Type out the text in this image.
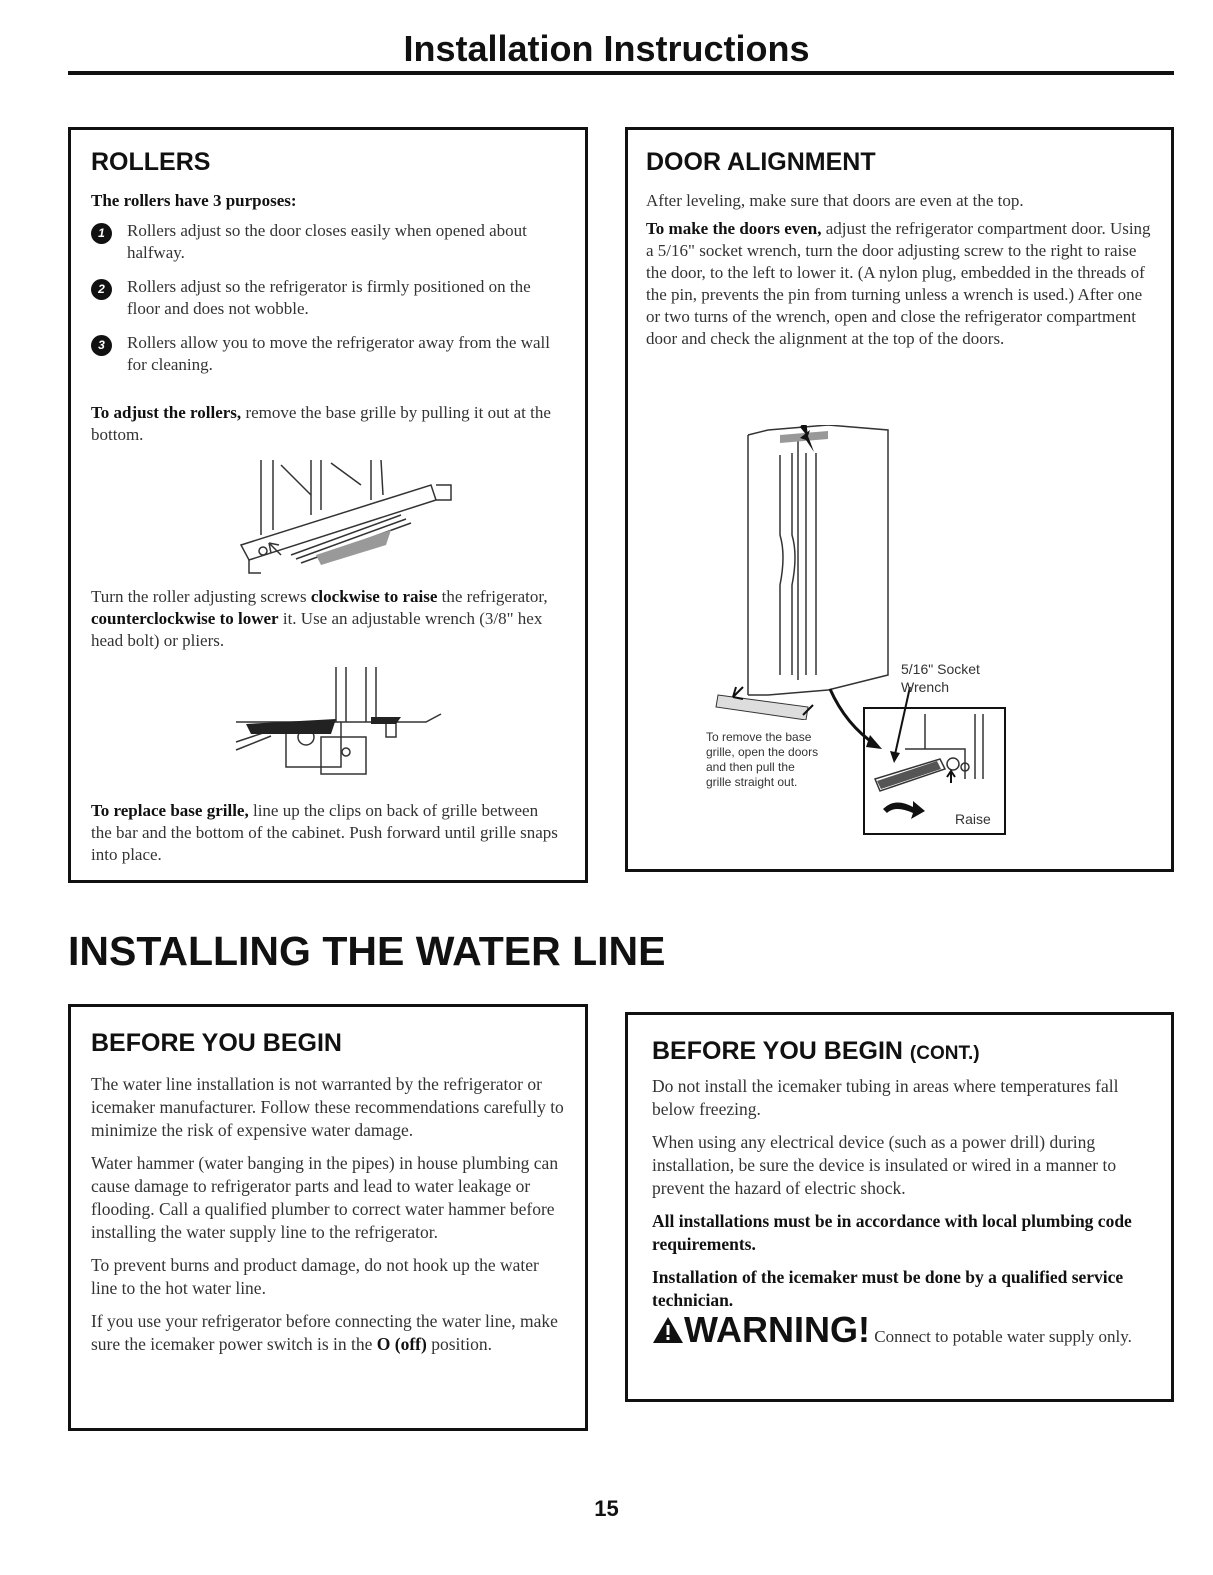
Installation Instructions
ROLLERS

The rollers have 3 purposes:

1	Rollers adjust so the door closes easily when opened about halfway.
2	Rollers adjust so the refrigerator is firmly positioned on the floor and does not wobble.
3	Rollers allow you to move the refrigerator away from the wall for cleaning.

To adjust the rollers, remove the base grille by pulling it out at the bottom.

Turn the roller adjusting screws clockwise to raise the refrigerator, counterclockwise to lower it. Use an adjustable wrench (3/8" hex head bolt) or pliers.

To replace base grille, line up the clips on back of grille between the bar and the bottom of the cabinet. Push forward until grille snaps into place.

DOOR ALIGNMENT

After leveling, make sure that doors are even at the top.

To make the doors even, adjust the refrigerator compartment door. Using a 5/16" socket wrench, turn the door adjusting screw to the right to raise the door, to the left to lower it. (A nylon plug, embedded in the threads of the pin, prevents the pin from turning unless a wrench is used.) After one or two turns of the wrench, open and close the refrigerator compartment door and check the alignment at the top of the doors.

Raise
5/16" Socket
Wrench
To remove the base
grille, open the doors
and then pull the
grille straight out.
INSTALLING THE WATER LINE
BEFORE YOU BEGIN

The water line installation is not warranted by the refrigerator or icemaker manufacturer. Follow these recommendations carefully to minimize the risk of expensive water damage.

Water hammer (water banging in the pipes) in house plumbing can cause damage to refrigerator parts and lead to water leakage or flooding. Call a qualified plumber to correct water hammer before installing the water supply line to the refrigerator.

To prevent burns and product damage, do not hook up the water line to the hot water line.

If you use your refrigerator before connecting the water line, make sure the icemaker power switch is in the O (off) position.

BEFORE YOU BEGIN (CONT.)

Do not install the icemaker tubing in areas where temperatures fall below freezing.

When using any electrical device (such as a power drill) during installation, be sure the device is insulated or wired in a manner to prevent the hazard of electric shock.

All installations must be in accordance with local plumbing code requirements.

Installation of the icemaker must be done by a qualified service technician.

WARNING! Connect to potable water supply only.
15
